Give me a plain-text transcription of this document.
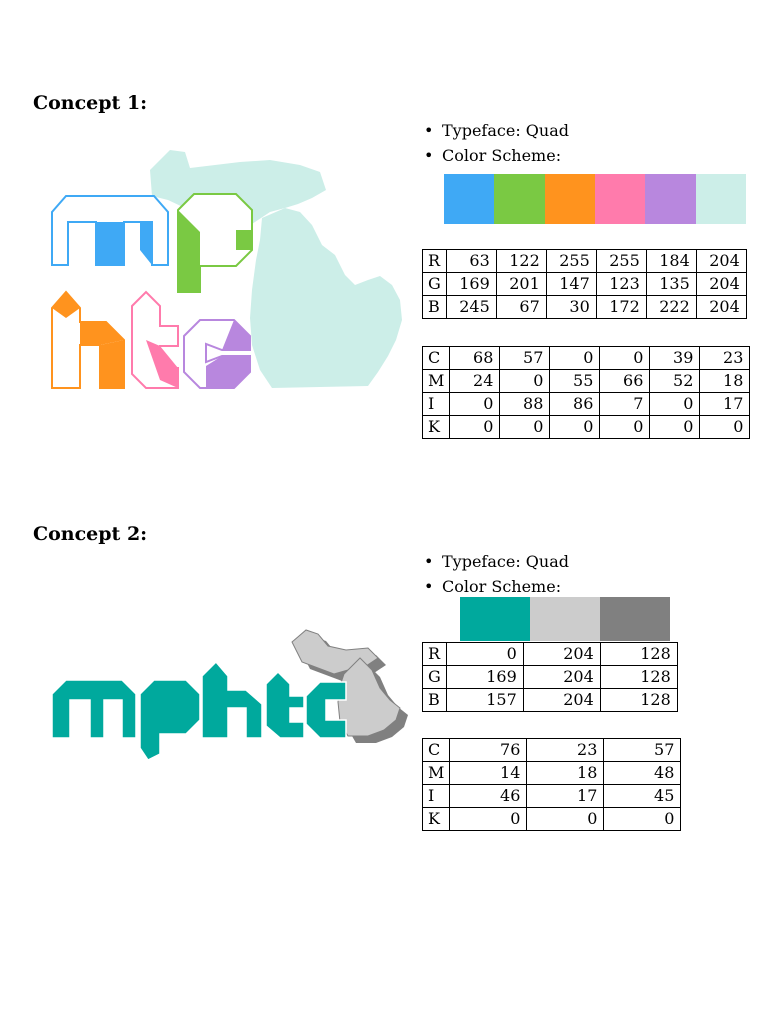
Concept 1:
• Typeface: Quad
• Color Scheme:
R	63	122	255	255	184	204
G	169	201	147	123	135	204
B	245	67	30	172	222	204
C	68	57	0	0	39	23
M	24	0	55	66	52	18
I	0	88	86	7	0	17
K	0	0	0	0	0	0
Concept 2:
• Typeface: Quad
• Color Scheme:
R	0	204	128
G	169	204	128
B	157	204	128
C	76	23	57
M	14	18	48
I	46	17	45
K	0	0	0
